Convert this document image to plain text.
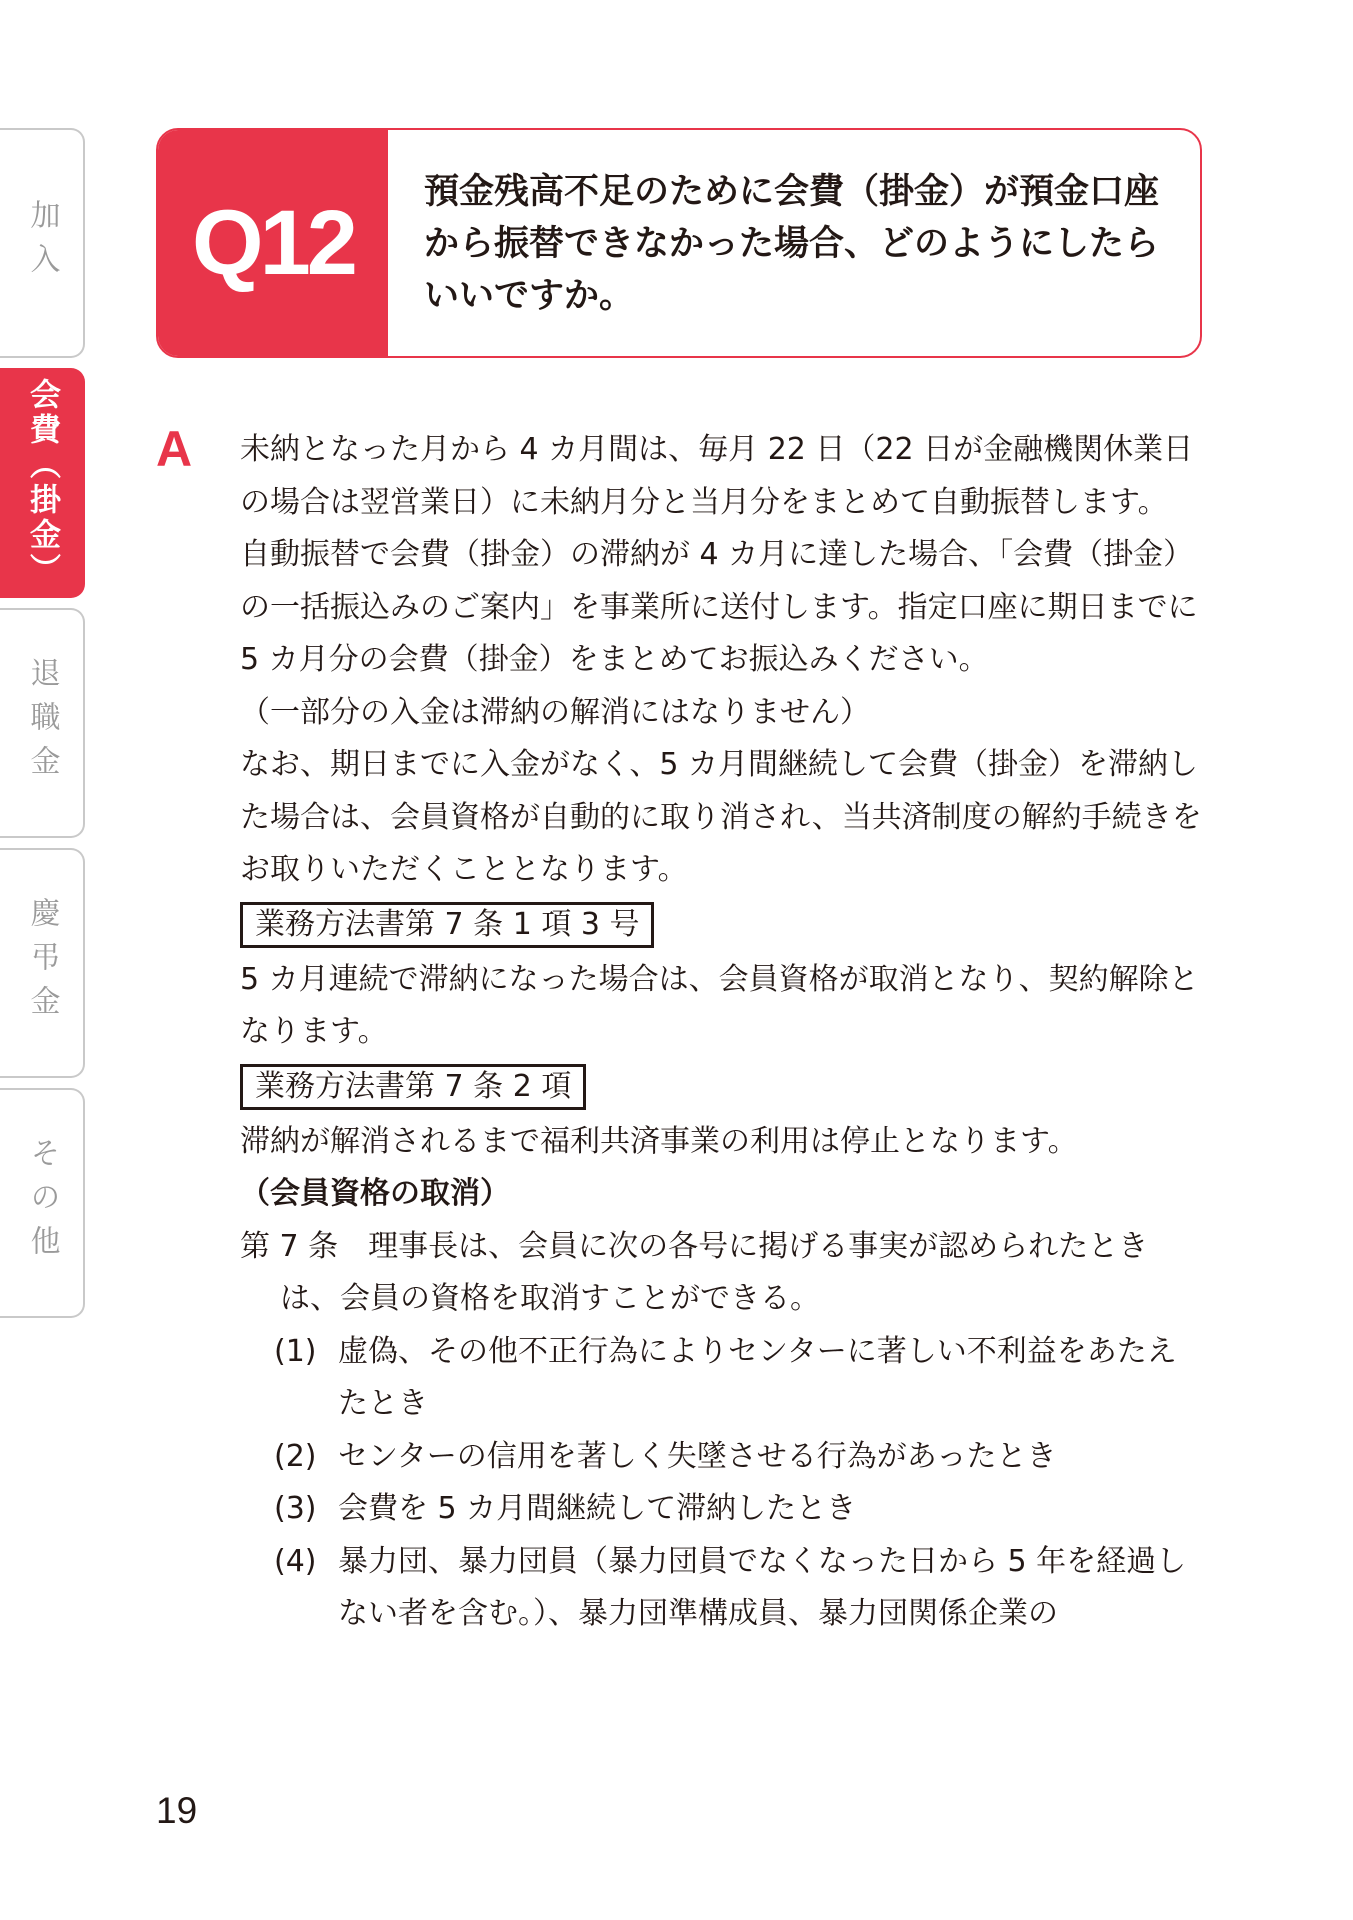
加入
会費（掛金）
退職金
慶弔金
その他
Q12	預金残高不足のために会費（掛金）が預金口座から振替できなかった場合、どのようにしたらいいですか。
A 未納となった月から 4 カ月間は、毎月 22 日（22 日が金融機関休業日の場合は翌営業日）に未納月分と当月分をまとめて自動振替します。

自動振替で会費（掛金）の滞納が 4 カ月に達した場合、「会費（掛金）の一括振込みのご案内」を事業所に送付します。指定口座に期日までに 5 カ月分の会費（掛金）をまとめてお振込みください。

（一部分の入金は滞納の解消にはなりません）

なお、期日までに入金がなく、5 カ月間継続して会費（掛金）を滞納した場合は、会員資格が自動的に取り消され、当共済制度の解約手続きをお取りいただくこととなります。

業務方法書第 7 条 1 項 3 号

5 カ月連続で滞納になった場合は、会員資格が取消となり、契約解除となります。

業務方法書第 7 条 2 項

滞納が解消されるまで福利共済事業の利用は停止となります。

（会員資格の取消）

第 7 条　理事長は、会員に次の各号に掲げる事実が認められたときは、会員の資格を取消すことができる。

(1) 虚偽、その他不正行為によりセンターに著しい不利益をあたえたとき
(2) センターの信用を著しく失墜させる行為があったとき
(3) 会費を 5 カ月間継続して滞納したとき
(4) 暴力団、暴力団員（暴力団員でなくなった日から 5 年を経過しない者を含む。）、暴力団準構成員、暴力団関係企業の
19
